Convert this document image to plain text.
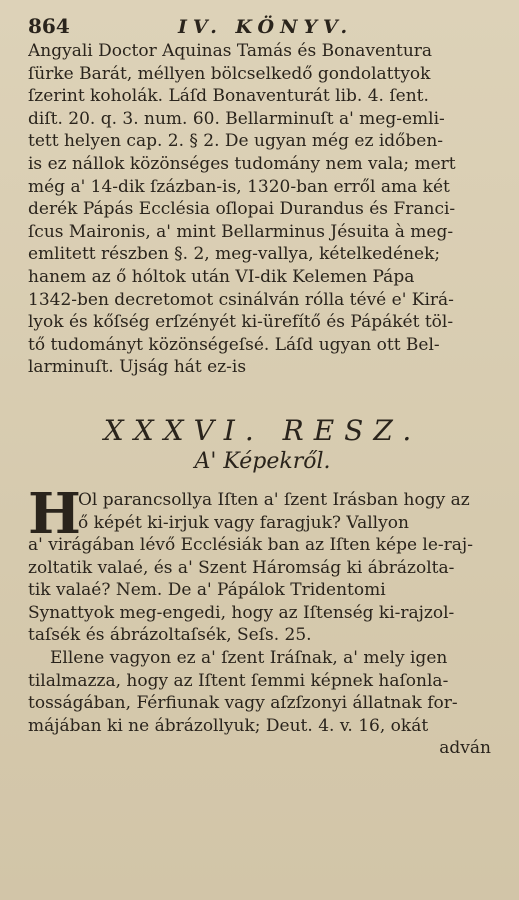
864	IV. KÖNYV.
Angyali Doctor Aquinas Tamás és Bonaventura
ſürke Barát, méllyen bölcselkedő gondolattyok
ſzerint koholák. Láſd Bonaventurát lib. 4. ſent.
diſt. 20. q. 3. num. 60. Bellarminuſt a' meg-emli-
tett helyen cap. 2. § 2. De ugyan még ez időben-
is ez nállok közönséges tudomány nem vala; mert
még a' 14-dik ſzázban-is, 1320-ban erről ama két
derék Pápás Ecclésia oſlopai Durandus és Franci-
ſcus Maironis, a' mint Bellarminus Jésuita à meg-
emlitett részben §. 2, meg-vallya, kételkedének;
hanem az ő hóltok után VI-dik Kelemen Pápa
1342-ben decretomot csinálván rólla tévé e' Kirá-
lyok és kőſség erſzényét ki-ürefítő és Pápákét töl-
tő tudományt közönségeſsé. Láſd ugyan ott Bel-
larminuſt. Ujság hát ez-is
XXXVI. RESZ.
A' Képekről.
H
Ol parancsollya Iſten a' ſzent Irásban hogy az
ő képét ki-irjuk vagy faragjuk? Vallyon
a' virágában lévő Ecclésiák ban az Iſten képe le-raj-
zoltatik valaé, és a' Szent Háromság ki ábrázolta-
tik valaé? Nem. De a' Pápálok Tridentomi
Synattyok meg-engedi, hogy az Iſtenség ki-rajzol-
taſsék és ábrázoltaſsék, Seſs. 25.
Ellene vagyon ez a' ſzent Iráſnak, a' mely igen
tilalmazza, hogy az Iſtent ſemmi képnek haſonla-
tosságában, Férfiunak vagy aſzſzonyi állatnak for-
májában ki ne ábrázollyuk; Deut. 4. v. 16, okát
adván
